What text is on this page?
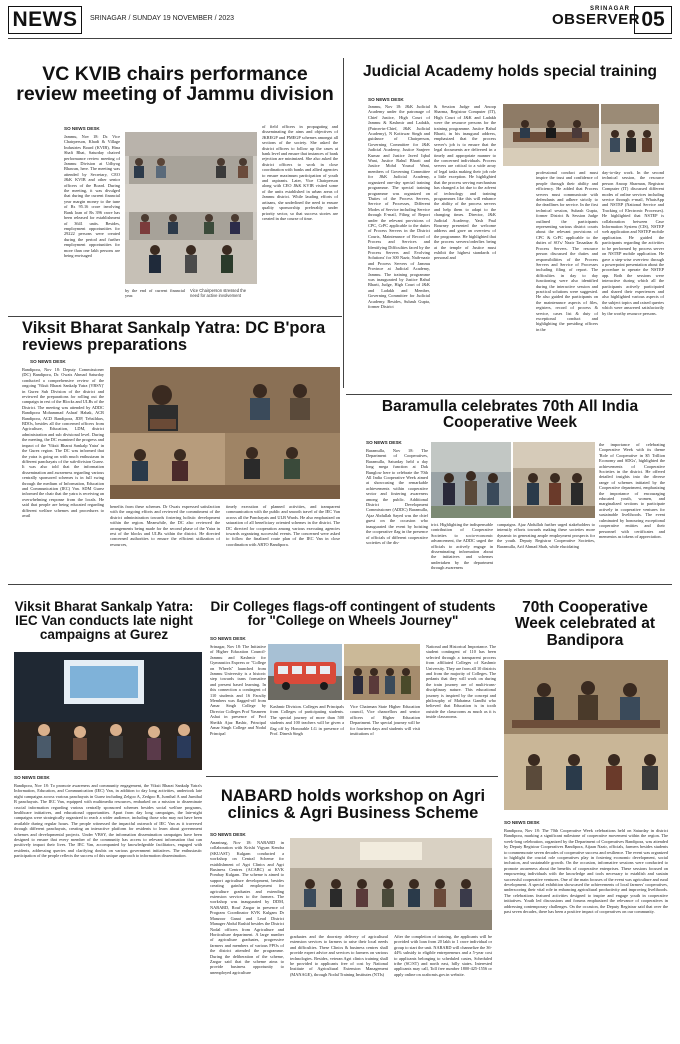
NEWS SRINAGAR / SUNDAY 19 NOVEMBER / 2023
SRINAGAR
OBSERVER 05
VC KVIB chairs performance review meeting of Jammu division
SO NEWS DESK
Jammu, Nov 18: Dr. Vice Chairperson, Khadi & Village Industries Board (KVIB), Hina Shafi Bhat, Saturday chaired performance review meeting of Jammu Division at Udhyog Bhawan, here. The meeting was attended by Secretary, CEO J&K KVIB and other senior officers of the Board. During the meeting, it was divulged that during the current financial year margin money to the tune of Rs 95.16 crore involving Bank loan of Rs 396 crore has been released for establishment of 3641 units. Besides, employment opportunities for 29222 persons were created during the period and further employment opportunities for more than one lakh persons are being envisaged
by the end of current financial year.
Vice Chairperson stressed the need for active involvement
of field officers in propagating and disseminating the aims and objectives of JKREGP and PMEGP schemes amongst all sections of the society. She asked the district officers to follow up the cases at bank level and ensure that instances of bank rejection are minimized. She also asked the district officers to work in close coordination with banks and allied agencies to ensure maximum participation of youth and aspirants. Later, Vice Chairperson along with CEO J&K KVIB visited some of the units established in urban areas of Jammu district. While lauding efforts of artisans, she underlined the need to ensure quality sponsorship preferably under priority sector, so that success stories are created in due course of time.
Judicial Academy holds special training
SO NEWS DESK
Jammu, Nov 18: J&K Judicial Academy under the patronage of Chief Justice, High Court of Jammu & Kashmir and Ladakh, (Patron-in-Chief, J&K Judicial Academy), N Kotiswar Singh and guidance of Chairperson, Governing Committee for J&K Judicial Academy, Justice Sanjeev Kumar and Justice Javed Iqbal Wani, Justice Rahul Bharti and Justice Mohd Yousuf Wani, members of Governing Committee for J&K Judicial Academy, organized one-day special training programme. The special training programme was organized on 'Duties of the Process Servers, Service of Processes, Different Modes of Service including Service through E-mail, Filing of Report under the relevant provisions of CPC, CrPC applicable to the duties of Process Servers in the District Courts, Maintenance of Record of Process and Services and Identifying Difficulties faced by the Process Servers and Evolving Solutions' for 300 Nazir, Naib-nazir and Process Servers of Jammu Province at Judicial Academy, Jammu. The training programme was inaugurated by Justice Rahul Bharti, Judge, High Court of J&K and Ladakh and Member, Governing Committee for Judicial Academy. Besides, Subash Gupta, former District
& Session Judge and Anoop Sharma, Registrar Computer (IT), High Court of J&K and Ladakh were the resource persons for the training programme. Justice Rahul Bharti, in his inaugural address, emphasized that the process server's job is to ensure that the legal documents are delivered in a timely and appropriate manner to the concerned individuals. Process servers are critical to a wide array of legal tasks making their job role a little exception. He highlighted that the process serving mechanism has changed a lot due to the advent of technology and training programmes like this will enhance the ability of the process servers and help them to adapt to the changing times. Director, J&K Judicial Academy, Yash Paul Bourney presented the welcome address and gave an overview of the programme. He highlighted that the process servers/orderlies being at the temple of Justice must exhibit the highest standards of personal and
professional conduct and must inspire the trust and confidence of people through their ability and efficiency. He added that Process servers must communicate with defendants and adhere strictly to the deadlines for service. In the first technical session, Subash Gupta, former District & Session Judge outlined the participants representing various district courts about the relevant provisions of CPC & CrPC applicable to the duties of SO's/ Nazir Tassadaar & Process Servers. The resource person discussed the duties and responsibilities of the Process Servers and Service of Processes including filing of report. The difficulties in day to day functioning were also identified during the interactive session and practical solutions were suggested. He also guided the participants on the maintenance aspects of files, registers, record of process & service, cases list & duty of exceptional conduct and highlighting the presiding officers in the
day-to-day work. In the second technical session, the resource person Anoop Sharman, Registrar Computer (IT) discussed different modes of online services including service through e-mail, WhatsApp and NSTEP (National Service and Tracking of Electronic Processes). He highlighted that NSTEP is collaboration between Case Information System (CIS), NSTEP web application and NSTEP mobile application. He guided the participants regarding the activities to be performed by process server on NSTEP mobile application. He gave a step-wise overview through a powerpoint presentation about the procedure to operate the NSTEP app. Both the sessions were interactive during which all the participants actively participated and shared their experiences and also highlighted various aspects of the subject topics and raised queries which were answered satisfactorily by the worthy resource persons.
Viksit Bharat Sankalp Yatra: DC B'pora reviews preparations
SO NEWS DESK
Bandipora, Nov 18: Deputy Commissioner (DC) Bandipora, Dr. Owais Ahmad Saturday conducted a comprehensive review of the ongoing 'Viksit Bharat Sankalp Yatra (VBSY)' in Gurez Sub Division of the district and reviewed the preparations for rolling out the campaign in rest of the Blocks and ULBs of the District. The meeting was attended by ADDC Bandipora Mohammad Ashraf Habak, ACR Bandipora, ACD Bandipora, JDP, Tehsildars, BDOs, besides all the concerned officers from Agriculture, Education, LDM, district administration and sub divisional level. During the meeting, the DC examined the progress and impact of the 'Viksit Bharat Sankalp Yatra' in the Gurez region. The DC was informed that the yatra is going on with much enthusiasm in different panchayats of the sub-division Gurez. It was also told that the information dissemination and awareness regarding various centrally sponsored schemes is in full swing through the medium of Information, Education and Communication (IEC) Van. SDM Gurez informed the chair that the yatra is receiving an overwhelming response from the locals. He said that people are being educated regarding different welfare schemes and procedures to avail
benefits from these schemes. Dr Owais expressed satisfaction with the ongoing efforts and reviewed the commitment of the district administration towards fostering holistic development within the region. Meanwhile, the DC also reviewed the arrangements being made for the second phase of the Yatra in rest of the blocks and ULBs within the district. He directed concerned authorities to ensure the efficient utilization of resources,
timely execution of planned activities, and transparent communication with the public and smooth travel of the IEC Van across all the Panchayats and ULB Wards. He also emphasized on saturation of all beneficiary oriented schemes in the district. The DC directed for cooperation among various executing agencies towards organizing successful events. The concerned were asked to follow the finalized route plan of the IEC Van in close coordination with ARTO Bandipora.
Baramulla celebrates 70th All India Cooperative Week
SO NEWS DESK
Baramulla, Nov 18: The Department of Cooperatives, Baramulla, Saturday held a day long mega function at Dak Bunglow here to celebrate the 70th All India Cooperative Week aimed at showcasing the remarkable achievements within cooperative sector and fostering awareness among the public. Additional District Development Commissioner (ADDC) Baramulla, Ajaz Abdullah Sayed was the chief guest on the occasion who inaugurated the event by hoisting the cooperative flag in the presence of officials of different cooperative societies of the dis-
trict. Highlighting the indispensable contribution of Cooperative Societies to socio-economic advancement, the ADDC urged the officials to actively engage in disseminating information about the initiatives and schemes undertaken by the department through awareness
campaigns. Ajaz Abdullah further urged stakeholders to intensify efforts towards making these societies more dynamic in generating ample employment prospects for the youth. Deputy Registrar Cooperative Societies, Baramulla, Arif Ahmad Shah, while elucidating
the importance of celebrating Cooperative Week with its theme 'Role of Cooperative in $5 Trillion Economy and SDGs', highlighted the achievements of Cooperative Societies in the district. He offered detailed insights into the diverse range of schemes initiated by the Cooperative department, emphasizing the importance of encouraging educated youth, women, and marginalized sections to participate actively in cooperative ventures for sustainable livelihoods. The event culminated by honouring exceptional cooperative entities and their personnel with certificates and mementos as tokens of appreciation.
Viksit Bharat Sankalp Yatra: IEC Van conducts late night campaigns at Gurez
SO NEWS DESK
Bandipora, Nov 18: To promote awareness and community engagement, the Viksit Bharat Sankalp Yatra's Information, Education, and Communication (IEC) Van, in addition to day long activities, undertook late night campaigns across various panchayats in Gurez including Zelgoo A, Zedgoo B, Jurnihal A and Jurnihal B panchayats. The IEC Van, equipped with multimedia resources, embarked on a mission to disseminate crucial information regarding various centrally sponsored schemes besides social welfare programs, healthcare initiatives, and educational opportunities. Apart from day long campaigns, the late-night campaigns were strategically organized to reach a wider audience, including those who may not have been available during regular hours. The people witnessed the impactful outreach of IEC Van as it traversed through different panchayats, creating an interactive platform for residents to learn about government schemes and developmental projects. Under VBSY, the information dissemination campaigns have been designed to ensure that every member of the community has access to relevant information that can positively impact their lives. The IEC Van, accompanied by knowledgeable facilitators, engaged with residents, addressing queries and clarifying doubts on various government initiatives. The enthusiastic participation of the people reflects the success of this unique approach to information dissemination.
Dir Colleges flags-off contingent of students for "College on Wheels Journey"
SO NEWS DESK
Srinagar, Nov 18: The Initiative of Higher Education Council-Jammu and Kashmir for Gymnastics Express or "College on Wheels" launched from Jammu University is a historic step towards trans formative and present based learning. In this connection a contingent of 110 students and 16 Faculty Members was flagged-off from Amar Singh College by Director Colleges Prof Yasmeen Ashai in presence of Prof Sheikh Ajaz Bashir, Principal Amar Singh College and Nodal Principal
Kashmir Division. Colleges and Principals from Colleges of participating students. The special journey of more than 500 students and 100 teachers will be given a flag off by Honorable LG in presence of Prof. Dinesh Singh
Vice Chairman State Higher Education council, Vice chancellors and senior officers of Higher Education Department. The special journey will be for fourteen days and students will visit institutions of
National and Historical Importance. The student contingent of 110 has been selected through a transparent process from affiliated Colleges of Kashmir University. They are from all 10 districts and from the majority of Colleges. The pedants that they will work on during the train journey are of multi-trans-disciplinary nature. This educational journey is inspired by the concept and philosophy of Mahatma Gandhi who believed that Education is in tooth outside the classrooms as much as it is inside classrooms.
70th Cooperative Week celebrated at Bandipora
SO NEWS DESK
Bandipora, Nov 18: The 70th Cooperative Week celebrations held on Saturday in district Bandipora, marking a significant milestone of cooperative movement within the region. The week-long celebration, organized by the Department of Cooperatives Bandipora, was attended by Deputy Registrar Cooperatives Bandipora, Aijaan Nazir, officials, farmers besides students to commemorate seven decades of cooperative success and resilience. The event was organized to highlight the crucial role cooperatives play in fostering economic development, social inclusion, and sustainable growth. On the occasion, informative sessions were conducted to promote awareness about the benefits of cooperative enterprises. These sessions focused on empowering individuals with the knowledge and tools necessary to establish and sustain successful cooperative ventures. One of the main focuses of the event was agriculture and rural development. A special exhibition showcased the achievements of local farmers' cooperatives, underscoring their vital role in enhancing agricultural productivity and improving livelihoods. The celebrations featured activities designed to inspire and engage youth in cooperative initiatives. Youth led discussions and forums emphasized the relevance of cooperatives in addressing contemporary challenges. On the occasion, the Deputy Registrar said that over the past seven decades, there has been a positive impact of cooperatives on our community.
NABARD holds workshop on Agri clinics & Agri Business Scheme
SO NEWS DESK
Anantnag, Nov 18: NABARD in collaboration with Krishi Vigyan Kendra (SKUAST) Kulgam conducted a workshop on Central Scheme for establishment of Agri Clinics and Agri Business Centres (ACABC) at KVK Pombay Kulgam. The scheme is aimed to support agriculture development, besides creating gainful employment for agriculture graduates and extending extension services to the farmers. The workshop was inaugurated by DDM, NABARD, Rouf Zargar in presence of Program Coordinator KVK Kulgam Dr Manzoor Ganai and Lead District Manager Abdul Rashid besides the District Nodal officers from Agriculture and Horticulture department. A large number of agriculture graduates, progressive farmers and members of various FPOs of the district attended the programme. During the deliberation of the scheme, Zargar said that the scheme aims to provide business opportunity to unemployed agriculture
graduates and the doorstep delivery of agricultural extension services to farmers to raise their local needs and difficulties. These Clinics & business centres shall provide expert advice and services to farmers on various technologies. Besides, veteran Agri clinics training shall be provided to applicants free of cost by National Institute of Agricultural Extension Management (MANAGE), through Nodal Training Institutes (NTIs)
After the completion of training, the applicants will be provided with loan from 20 lakh to 1 crore individual or group to start the unit. NABARD will channelize the 36-44% subsidy to eligible entrepreneurs and a 5-year cost to applicants belonging to scheduled castes, Scheduled tribe (SC/ST) and north east, hilly states. Interested applicants may call, Toll free number 1800-425-1556 or apply online on acabcmis.gov.in website.
